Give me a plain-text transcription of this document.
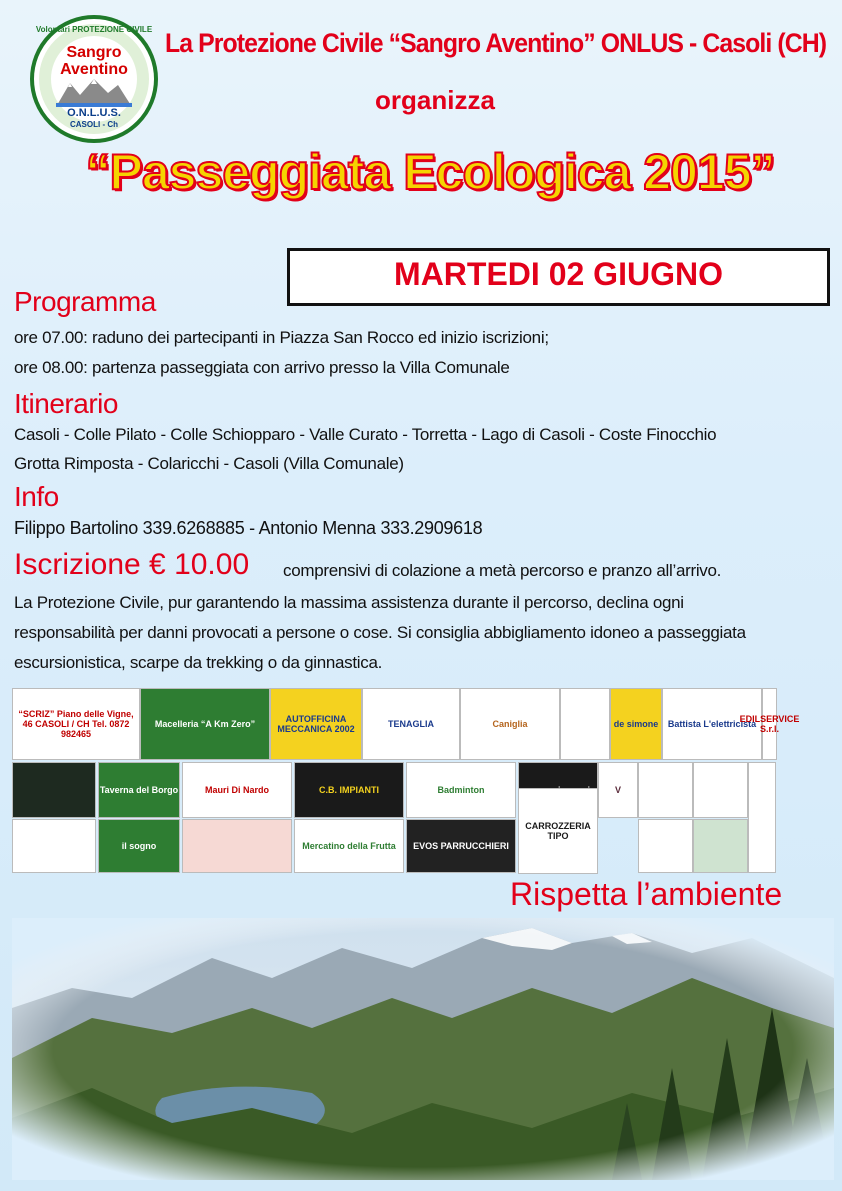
Volontari PROTEZIONE CIVILE
Sangro
Aventino
O.N.L.U.S.
CASOLI - Ch
La Protezione Civile “Sangro Aventino” ONLUS - Casoli (CH)
organizza
“Passeggiata Ecologica 2015”
MARTEDI 02 GIUGNO
Programma
ore 07.00: raduno dei partecipanti in Piazza San Rocco ed inizio iscrizioni;
ore 08.00: partenza passeggiata con arrivo presso la Villa Comunale
Itinerario
Casoli - Colle Pilato - Colle Schiopparo - Valle Curato - Torretta - Lago di Casoli - Coste Finocchio
Grotta Rimposta - Colaricchi - Casoli (Villa Comunale)
Info
Filippo Bartolino 339.6268885 - Antonio Menna 333.2909618
Iscrizione € 10.00 comprensivi di colazione a metà percorso e pranzo all’arrivo.
La Protezione Civile, pur garantendo la massima assistenza durante il percorso, declina ogni
responsabilità per danni provocati a persone o cose. Si consiglia abbigliamento idoneo a passeggiata
escursionistica, scarpe da trekking o da ginnastica.
“SCRIZ” Piano delle Vigne, 46 CASOLI / CH Tel. 0872 982465
Macelleria “A Km Zero”	AUTOFFICINA MECCANICA 2002	TENAGLIA	Caniglia	de simone Battista L'elettricista
EDILSERVICE S.r.l.
Taverna del Borgo	Mauri Di Nardo	C.B. IMPIANTI	Badminton	V
il sogno	Mercatino della Frutta EVOS PARRUCCHIERI
CARROZZERIA TIPO
Rispetta l’ambiente
